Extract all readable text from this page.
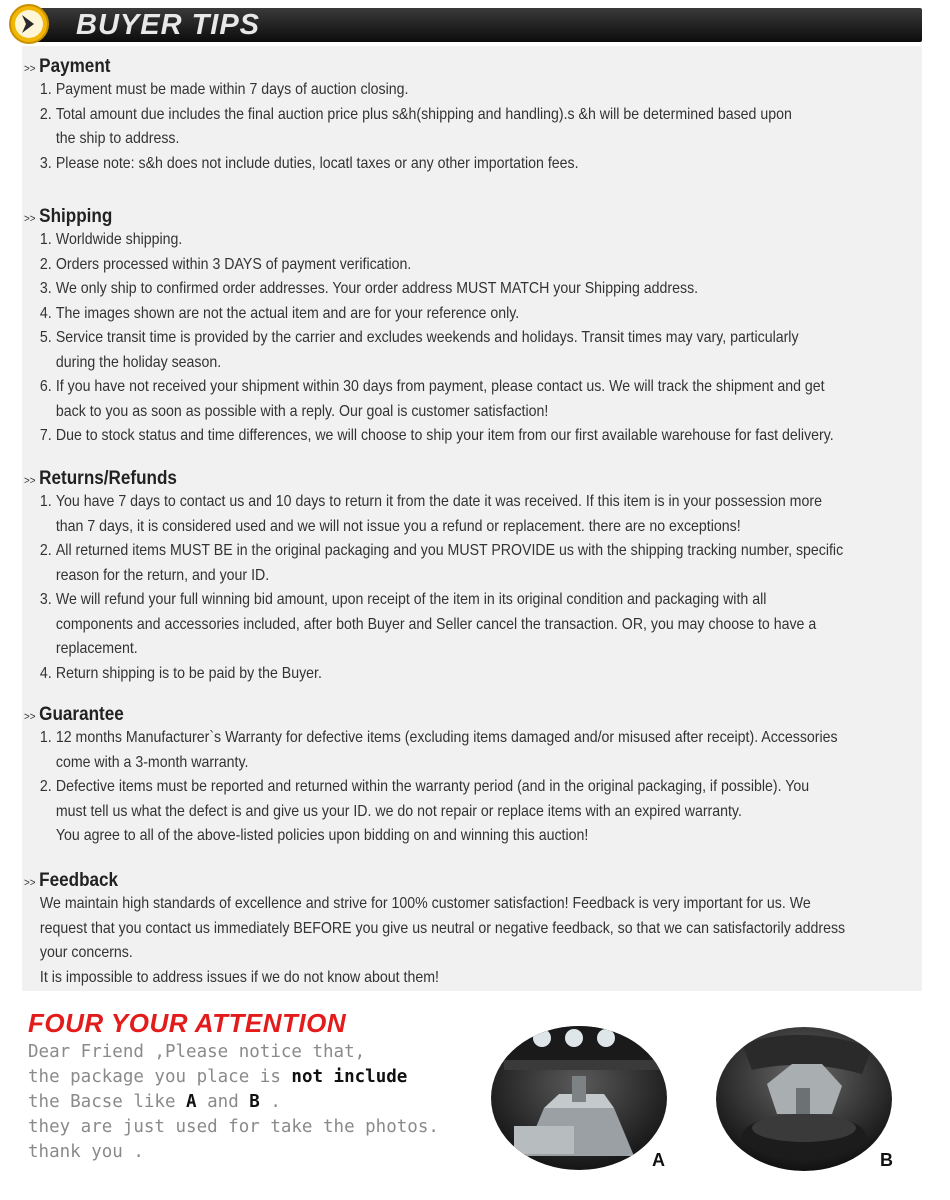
BUYER TIPS
>> Payment
1. Payment must be made within 7 days of auction closing.
2. Total amount due includes the final auction price plus s&h(shipping and handling).s &h will be determined based upon
the ship to address.
3. Please note: s&h does not include duties, locatl taxes or any other importation fees.
>> Shipping
1. Worldwide shipping.
2. Orders processed within 3 DAYS of payment verification.
3. We only ship to confirmed order addresses. Your order address MUST MATCH your Shipping address.
4. The images shown are not the actual item and are for your reference only.
5. Service transit time is provided by the carrier and excludes weekends and holidays. Transit times may vary, particularly
during the holiday season.
6. If you have not received your shipment within 30 days from payment, please contact us. We will track the shipment and get
back to you as soon as possible with a reply. Our goal is customer satisfaction!
7. Due to stock status and time differences, we will choose to ship your item from our first available warehouse for fast delivery.
>> Returns/Refunds
1. You have 7 days to contact us and 10 days to return it from the date it was received. If this item is in your possession more
than 7 days, it is considered used and we will not issue you a refund or replacement. there are no exceptions!
2. All returned items MUST BE in the original packaging and you MUST PROVIDE us with the shipping tracking number, specific
reason for the return, and your ID.
3. We will refund your full winning bid amount, upon receipt of the item in its original condition and packaging with all
components and accessories included, after both Buyer and Seller cancel the transaction. OR, you may choose to have a
replacement.
4. Return shipping is to be paid by the Buyer.
>> Guarantee
1. 12 months Manufacturer`s Warranty for defective items (excluding items damaged and/or misused after receipt). Accessories
come with a 3-month warranty.
2. Defective items must be reported and returned within the warranty period (and in the original packaging, if possible). You
must tell us what the defect is and give us your ID. we do not repair or replace items with an expired warranty.
You agree to all of the above-listed policies upon bidding on and winning this auction!
>> Feedback
We maintain high standards of excellence and strive for 100% customer satisfaction! Feedback is very important for us. We
request that you contact us immediately BEFORE you give us neutral or negative feedback, so that we can satisfactorily address
your concerns.
It is impossible to address issues if we do not know about them!
FOUR YOUR ATTENTION
Dear Friend ,Please notice that,
the package you place is not include
the Bacse like A and B .
they are just used for take the photos.
thank you .	A	B
